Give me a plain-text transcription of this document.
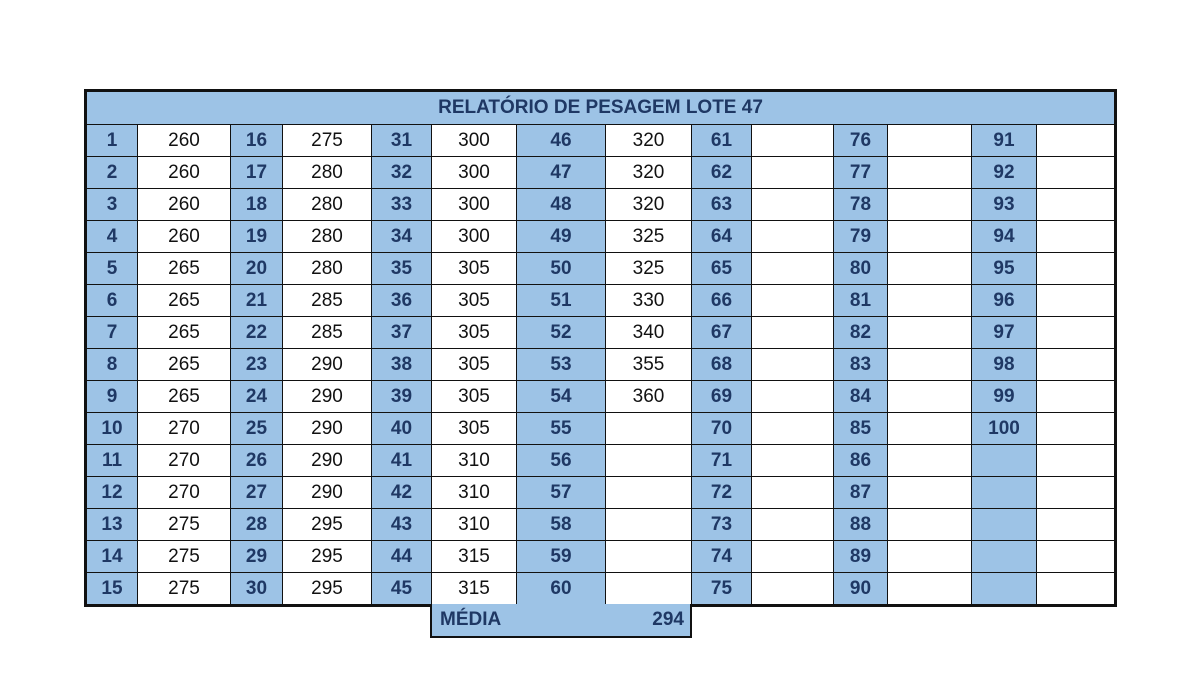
RELATÓRIO DE PESAGEM LOTE 47													
1	260	16	275	31	300	46	320	61		76		91	
2	260	17	280	32	300	47	320	62		77		92	
3	260	18	280	33	300	48	320	63		78		93	
4	260	19	280	34	300	49	325	64		79		94	
5	265	20	280	35	305	50	325	65		80		95	
6	265	21	285	36	305	51	330	66		81		96	
7	265	22	285	37	305	52	340	67		82		97	
8	265	23	290	38	305	53	355	68		83		98	
9	265	24	290	39	305	54	360	69		84		99	
10	270	25	290	40	305	55		70		85		100	
11	270	26	290	41	310	56		71		86			
12	270	27	290	42	310	57		72		87			
13	275	28	295	43	310	58		73		88			
14	275	29	295	44	315	59		74		89			
15	275	30	295	45	315	60		75		90			
MÉDIA	294
